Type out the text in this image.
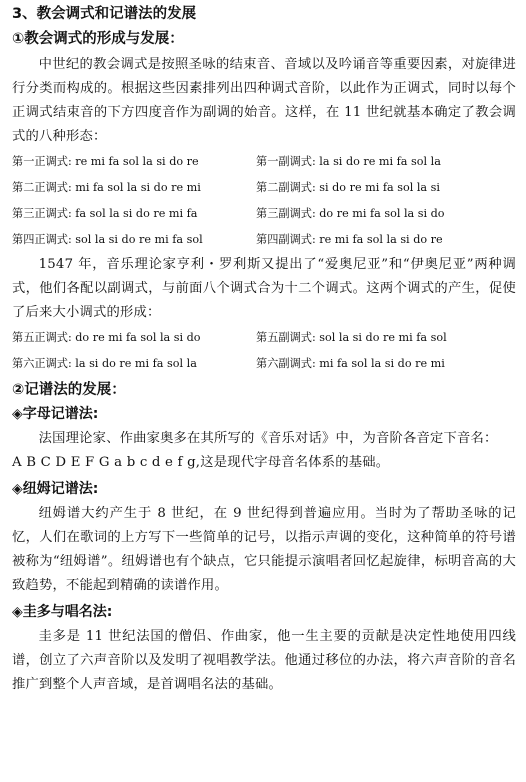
3、教会调式和记谱法的发展
①教会调式的形成与发展：

中世纪的教会调式是按照圣咏的结束音、音域以及吟诵音等重要因素，对旋律进行分类而构成的。根据这些因素排列出四种调式音阶，以此作为正调式，同时以每个正调式结束音的下方四度音作为副调的始音。这样，在 11 世纪就基本确定了教会调式的八种形态：

第一正调式: re mi fa sol la si do re	第一副调式: la si do re mi fa sol la
第二正调式: mi fa sol la si do re mi	第二副调式: si do re mi fa sol la si
第三正调式: fa sol la si do re mi fa	第三副调式: do re mi fa sol la si do
第四正调式: sol la si do re mi fa sol	第四副调式: re mi fa sol la si do re

1547 年，音乐理论家亨利・罗利斯又提出了“爱奥尼亚”和“伊奥尼亚”两种调式，他们各配以副调式，与前面八个调式合为十二个调式。这两个调式的产生，促使了后来大小调式的形成：

第五正调式: do re mi fa sol la si do	第五副调式: sol la si do re mi fa sol
第六正调式: la si do re mi fa sol la	第六副调式: mi fa sol la si do re mi
②记谱法的发展：
◈字母记谱法:

法国理论家、作曲家奥多在其所写的《音乐对话》中，为音阶各音定下音名：

A B C D E F G a b c d e f g,这是现代字母音名体系的基础。

◈纽姆记谱法:

纽姆谱大约产生于 8 世纪，在 9 世纪得到普遍应用。当时为了帮助圣咏的记忆，人们在歌词的上方写下一些简单的记号，以指示声调的变化，这种简单的符号谱被称为“纽姆谱”。纽姆谱也有个缺点，它只能提示演唱者回忆起旋律，标明音高的大致趋势，不能起到精确的读谱作用。

◈圭多与唱名法:

圭多是 11 世纪法国的僧侣、作曲家，他一生主要的贡献是决定性地使用四线谱，创立了六声音阶以及发明了视唱教学法。他通过移位的办法，将六声音阶的音名推广到整个人声音域，是首调唱名法的基础。
